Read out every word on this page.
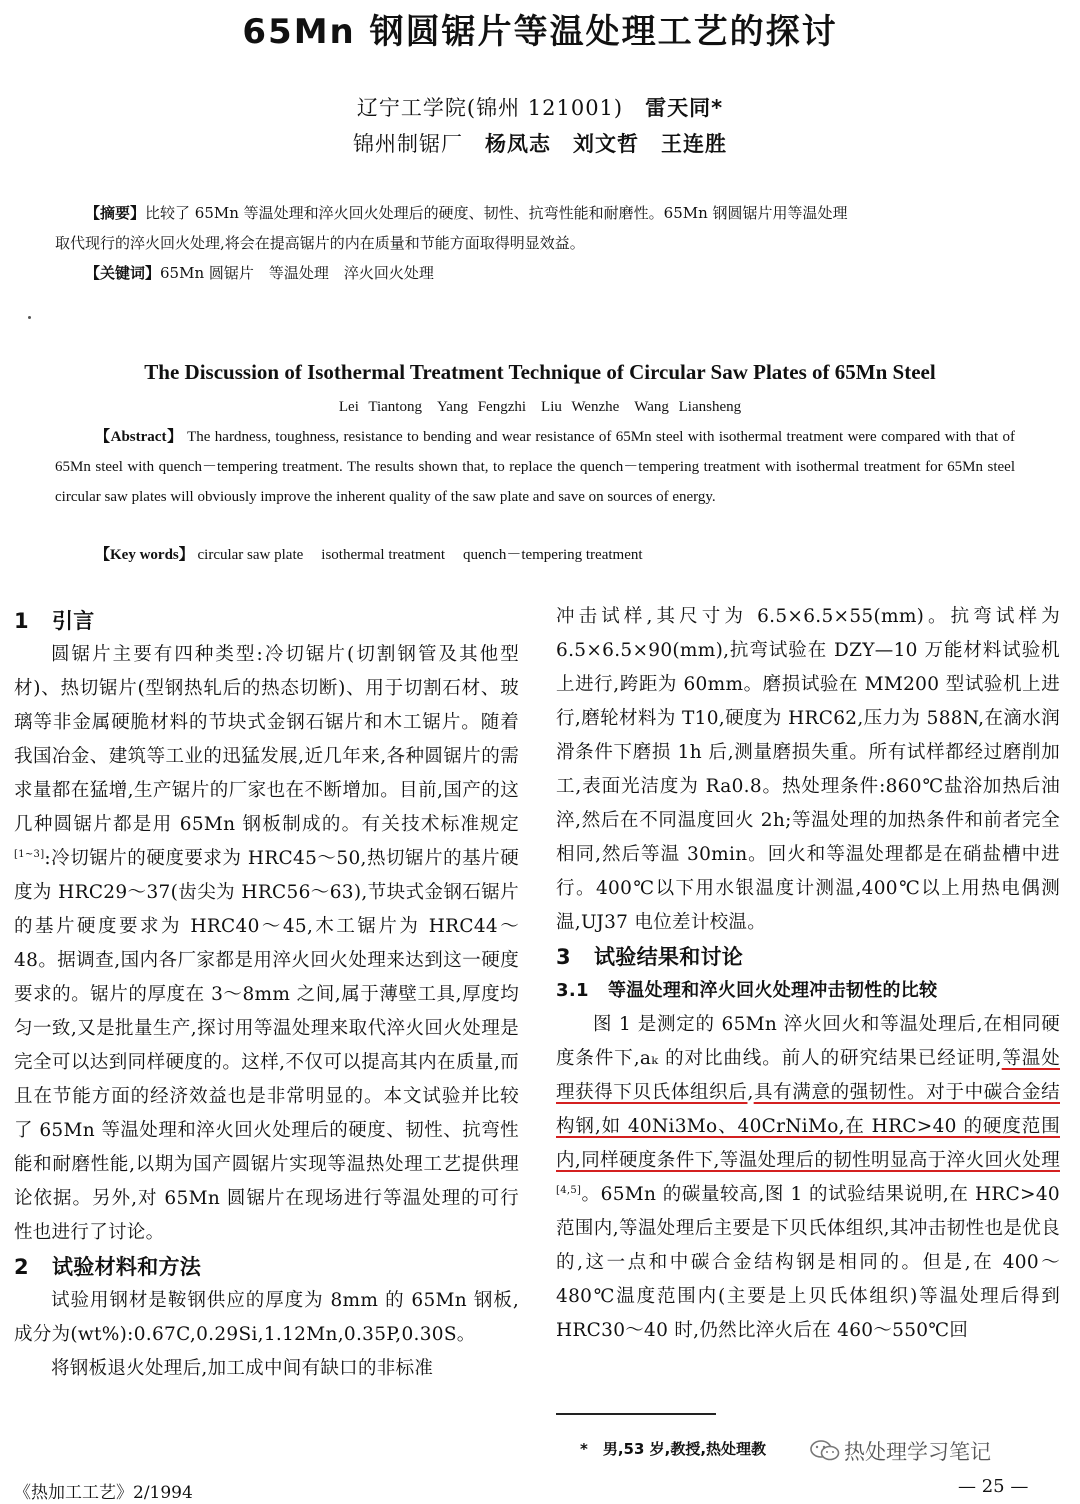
65Mn 钢圆锯片等温处理工艺的探讨
辽宁工学院(锦州 121001) 雷天同*
锦州制锯厂 杨凤志 刘文哲 王连胜
【摘要】比较了 65Mn 等温处理和淬火回火处理后的硬度、韧性、抗弯性能和耐磨性。65Mn 钢圆锯片用等温处理
取代现行的淬火回火处理,将会在提高锯片的内在质量和节能方面取得明显效益。
【关键词】65Mn 圆锯片　等温处理　淬火回火处理
The Discussion of Isothermal Treatment Technique of Circular Saw Plates of 65Mn Steel
Lei Tiantong　Yang Fengzhi　Liu Wenzhe　Wang Liansheng
【Abstract】 The hardness, toughness, resistance to bending and wear resistance of 65Mn steel with isothermal treatment were compared with that of 65Mn steel with quench－tempering treatment. The results shown that, to replace the quench－tempering treatment with isothermal treatment for 65Mn steel circular saw plates will obviously improve the inherent quality of the saw plate and save on sources of energy.
【Key words】 circular saw plate isothermal treatment quench－tempering treatment
1 引言

圆锯片主要有四种类型:冷切锯片(切割钢管及其他型材)、热切锯片(型钢热轧后的热态切断)、用于切割石材、玻璃等非金属硬脆材料的节块式金钢石锯片和木工锯片。随着我国冶金、建筑等工业的迅猛发展,近几年来,各种圆锯片的需求量都在猛增,生产锯片的厂家也在不断增加。目前,国产的这几种圆锯片都是用 65Mn 钢板制成的。有关技术标准规定[1~3]:冷切锯片的硬度要求为 HRC45～50,热切锯片的基片硬度为 HRC29～37(齿尖为 HRC56～63),节块式金钢石锯片的基片硬度要求为 HRC40～45,木工锯片为 HRC44～48。据调查,国内各厂家都是用淬火回火处理来达到这一硬度要求的。锯片的厚度在 3～8mm 之间,属于薄壁工具,厚度均匀一致,又是批量生产,探讨用等温处理来取代淬火回火处理是完全可以达到同样硬度的。这样,不仅可以提高其内在质量,而且在节能方面的经济效益也是非常明显的。本文试验并比较了 65Mn 等温处理和淬火回火处理后的硬度、韧性、抗弯性能和耐磨性能,以期为国产圆锯片实现等温热处理工艺提供理论依据。另外,对 65Mn 圆锯片在现场进行等温处理的可行性也进行了讨论。

2 试验材料和方法

试验用钢材是鞍钢供应的厚度为 8mm 的 65Mn 钢板,成分为(wt%):0.67C,0.29Si,1.12Mn,0.35P,0.30S。

将钢板退火处理后,加工成中间有缺口的非标准

冲击试样,其尺寸为 6.5×6.5×55(mm)。抗弯试样为 6.5×6.5×90(mm),抗弯试验在 DZY—10 万能材料试验机上进行,跨距为 60mm。磨损试验在 MM200 型试验机上进行,磨轮材料为 T10,硬度为 HRC62,压力为 588N,在滴水润滑条件下磨损 1h 后,测量磨损失重。所有试样都经过磨削加工,表面光洁度为 Ra0.8。热处理条件:860℃盐浴加热后油淬,然后在不同温度回火 2h;等温处理的加热条件和前者完全相同,然后等温 30min。回火和等温处理都是在硝盐槽中进行。400℃以下用水银温度计测温,400℃以上用热电偶测温,UJ37 电位差计校温。

3 试验结果和讨论
3.1 等温处理和淬火回火处理冲击韧性的比较

图 1 是测定的 65Mn 淬火回火和等温处理后,在相同硬度条件下,aₖ 的对比曲线。前人的研究结果已经证明,等温处理获得下贝氏体组织后,具有满意的强韧性。对于中碳合金结构钢,如 40Ni3Mo、40CrNiMo,在 HRC>40 的硬度范围内,同样硬度条件下,等温处理后的韧性明显高于淬火回火处理[4,5]。65Mn 的碳量较高,图 1 的试验结果说明,在 HRC>40 范围内,等温处理后主要是下贝氏体组织,其冲击韧性也是优良的,这一点和中碳合金结构钢是相同的。但是,在 400～480℃温度范围内(主要是上贝氏体组织)等温处理后得到 HRC30～40 时,仍然比淬火后在 460～550℃回

*　男,53 岁,教授,热处理教	热处理学习笔记
《热加工工艺》2/1994	— 25 —
